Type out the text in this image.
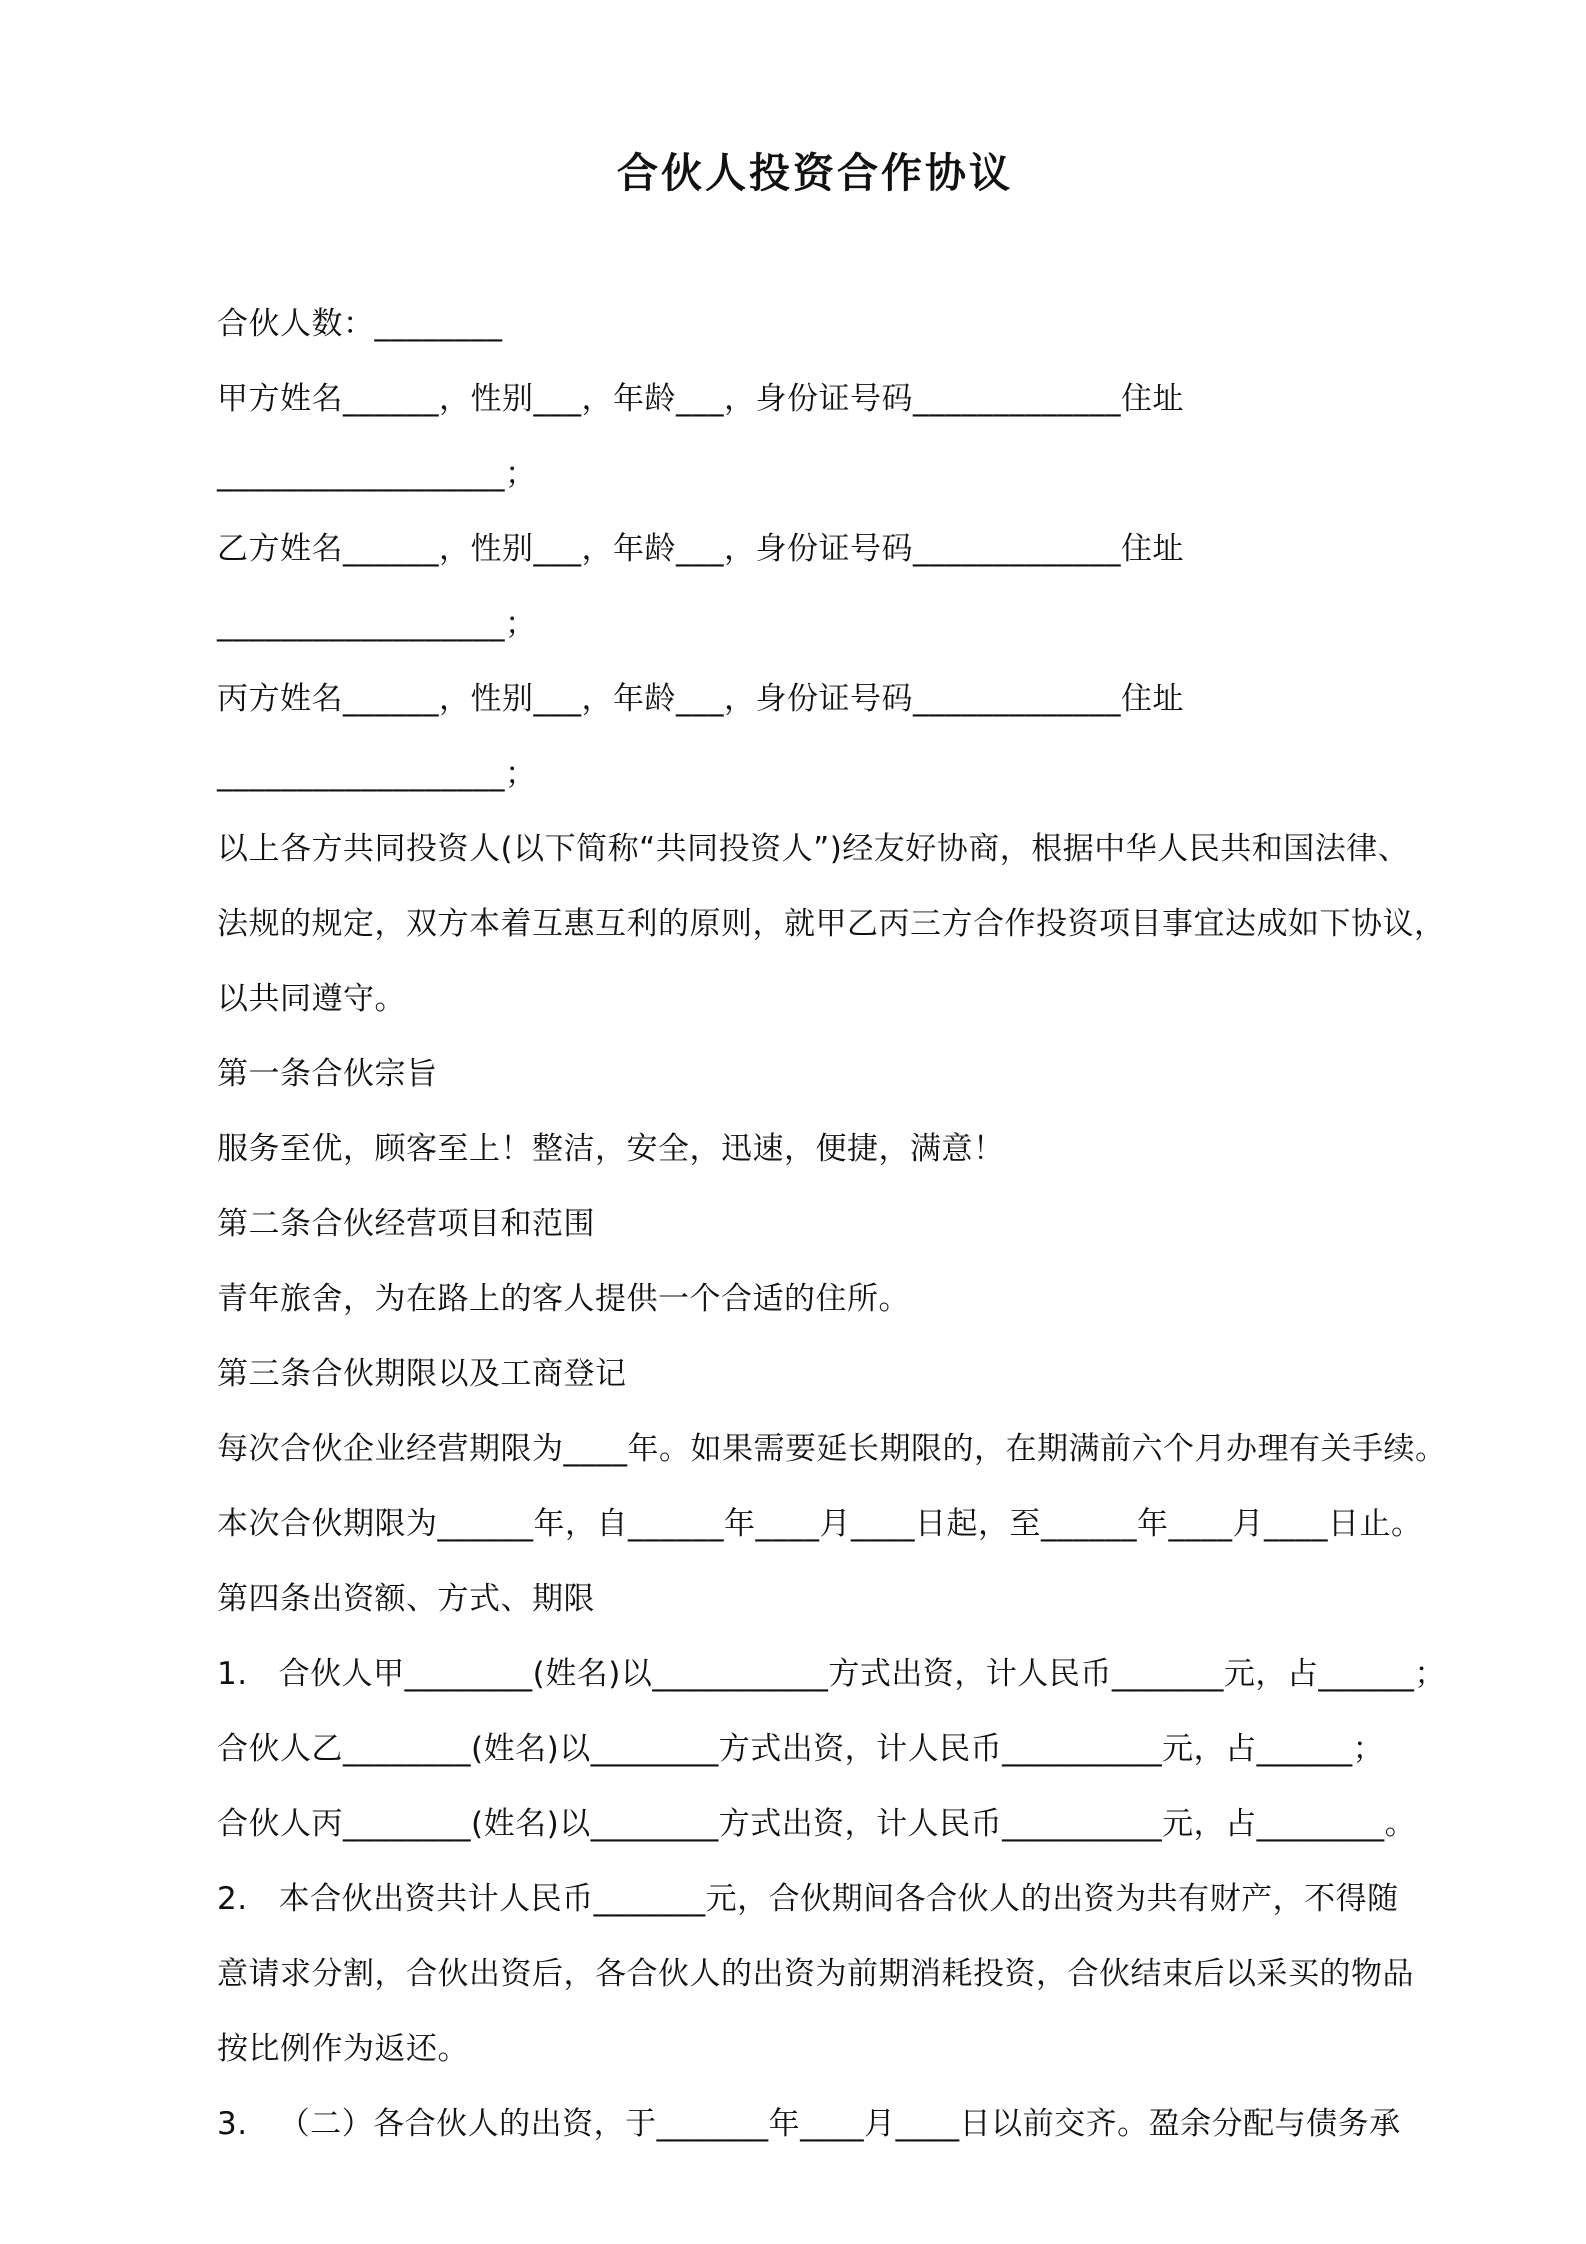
合伙人投资合作协议
合伙人数：________
甲方姓名______，性别___，年龄___，身份证号码_____________住址
__________________；
乙方姓名______，性别___，年龄___，身份证号码_____________住址
__________________；
丙方姓名______，性别___，年龄___，身份证号码_____________住址
__________________；
以上各方共同投资人(以下简称“共同投资人”)经友好协商，根据中华人民共和国法律、
法规的规定，双方本着互惠互利的原则，就甲乙丙三方合作投资项目事宜达成如下协议，
以共同遵守。
第一条合伙宗旨
服务至优，顾客至上！整洁，安全，迅速，便捷，满意！
第二条合伙经营项目和范围
青年旅舍，为在路上的客人提供一个合适的住所。
第三条合伙期限以及工商登记
每次合伙企业经营期限为____年。如果需要延长期限的，在期满前六个月办理有关手续。
本次合伙期限为______年，自______年____月____日起，至______年____月____日止。
第四条出资额、方式、期限
1.   合伙人甲________(姓名)以___________方式出资，计人民币_______元，占______；
合伙人乙________(姓名)以________方式出资，计人民币__________元，占______；
合伙人丙________(姓名)以________方式出资，计人民币__________元，占________。
2.   本合伙出资共计人民币_______元，合伙期间各合伙人的出资为共有财产，不得随
意请求分割，合伙出资后，各合伙人的出资为前期消耗投资，合伙结束后以采买的物品
按比例作为返还。
3.   （二）各合伙人的出资，于_______年____月____日以前交齐。盈余分配与债务承
